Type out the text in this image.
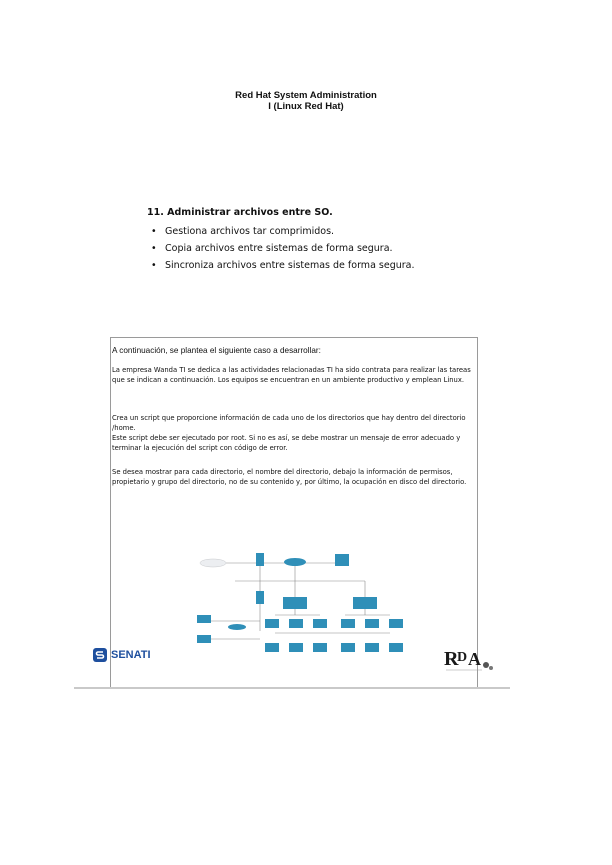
Red Hat System Administration
I (Linux Red Hat)
11. Administrar archivos entre SO.
• Gestiona archivos tar comprimidos.
• Copia archivos entre sistemas de forma segura.
• Sincroniza archivos entre sistemas de forma segura.
A continuación, se plantea el siguiente caso a desarrollar:
La empresa Wanda TI se dedica a las actividades relacionadas TI ha sido contrata para realizar las tareas que se indican a continuación. Los equipos se encuentran en un ambiente productivo y emplean Linux.
Crea un script que proporcione información de cada uno de los directorios que hay dentro del directorio /home.
Este script debe ser ejecutado por root. Si no es así, se debe mostrar un mensaje de error adecuado y terminar la ejecución del script con código de error.
Se desea mostrar para cada directorio, el nombre del directorio, debajo la información de permisos, propietario y grupo del directorio, no de su contenido y, por último, la ocupación en disco del directorio.
SENATI	R
D A
